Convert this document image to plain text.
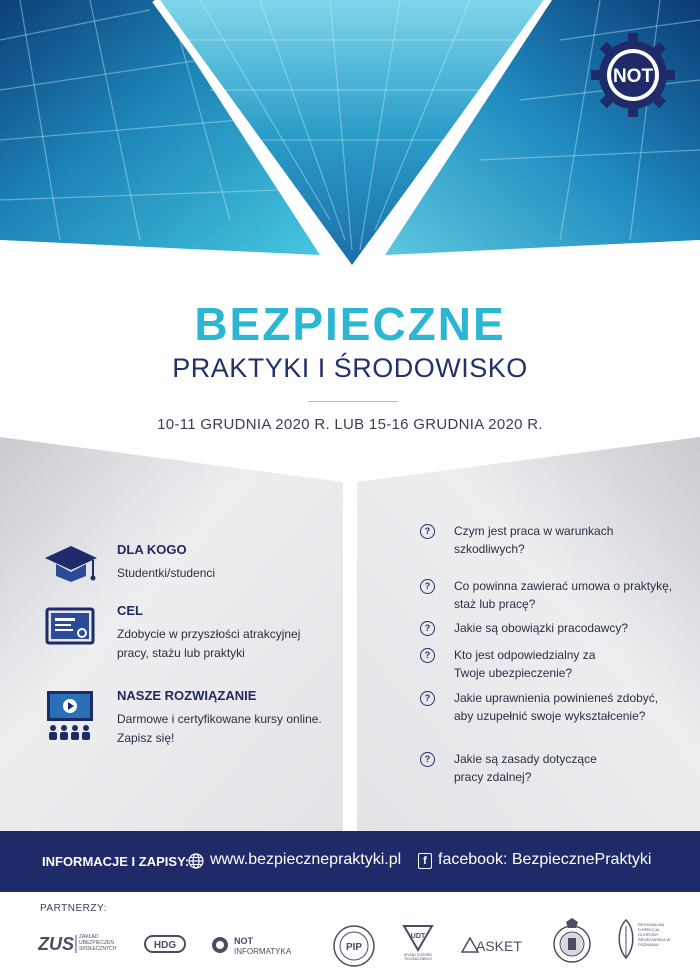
NOT
BEZPIECZNE
PRAKTYKI I ŚRODOWISKO
10-11 GRUDNIA 2020 R. LUB 15-16 GRUDNIA 2020 R.
DLA KOGO
Studentki/studenci
CEL
Zdobycie w przyszłości atrakcyjnej pracy, stażu lub praktyki
NASZE ROZWIĄZANIE
Darmowe i certyfikowane kursy online. Zapisz się!
?	Czym jest praca w warunkach szkodliwych?
?	Co powinna zawierać umowa o praktykę, staż lub pracę?
?	Jakie są obowiązki pracodawcy?
?	Kto jest odpowiedzialny za Twoje ubezpieczenie?
?	Jakie uprawnienia powinieneś zdobyć, aby uzupełnić swoje wykształcenie?
?	Jakie są zasady dotyczące pracy zdalnej?
INFORMACJE I ZAPISY: www.bezpiecznepraktyki.pl	f facebook: BezpiecznePraktyki
PARTNERZY:
ZUS ZAKŁAD UBEZPIECZEŃ SPOŁECZNYCH	HDG	NOT
INFORMATYKA	PIP
UDT
URZĄD DOZORU TECHNICZNEGO
ASKET
REGIONALNA DYREKCJA OCHRONY ŚRODOWISKA W POZNANIU
